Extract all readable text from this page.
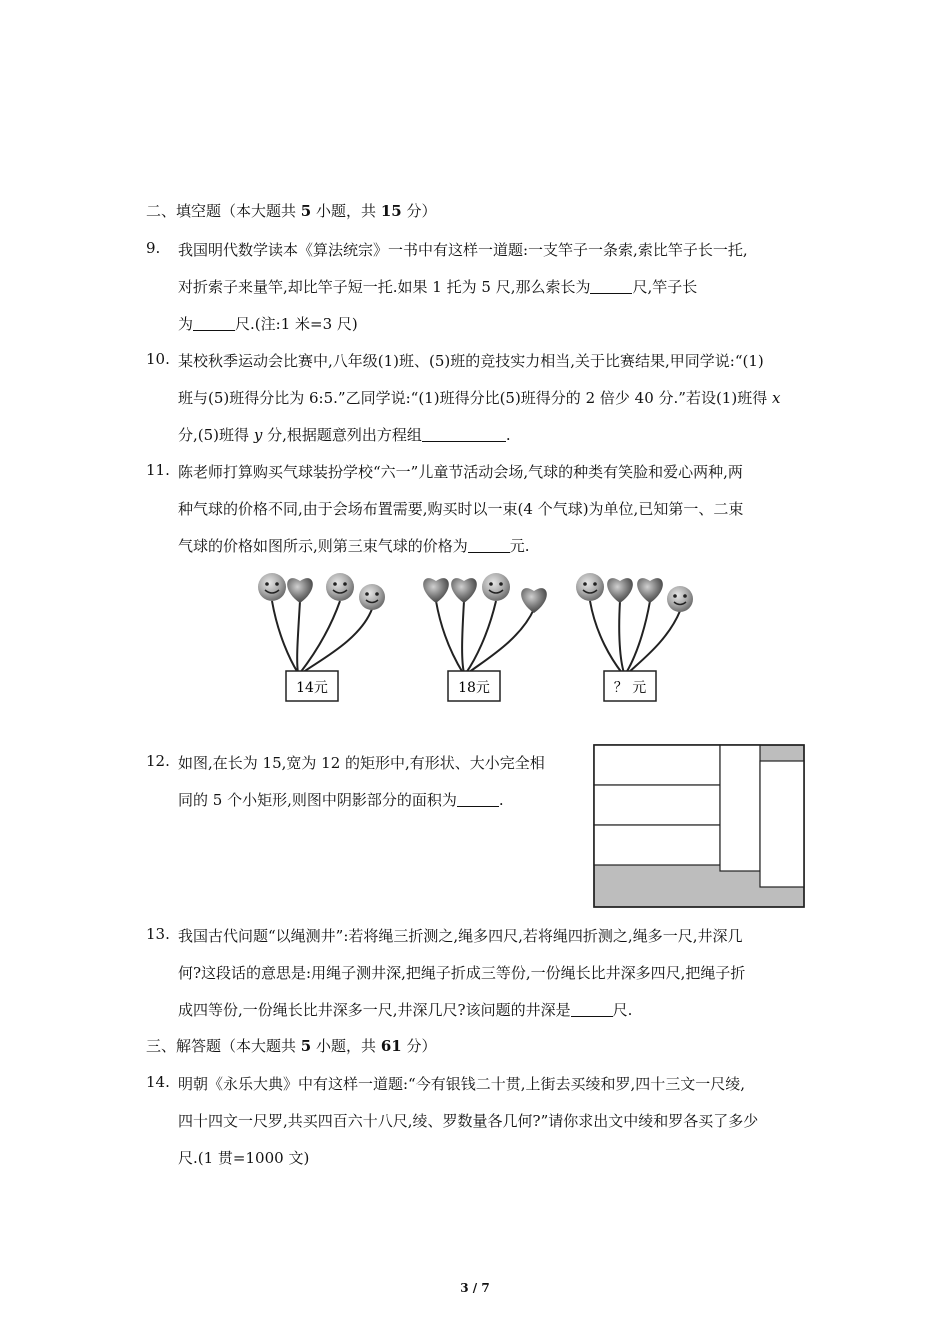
二、填空题（本大题共 5 小题，共 15 分）
9. 我国明代数学读本《算法统宗》一书中有这样一道题:一支竿子一条索,索比竿子长一托,
对折索子来量竿,却比竿子短一托.如果 1 托为 5 尺,那么索长为	尺,竿子长
为	尺.(注:1 米=3 尺)
10. 某校秋季运动会比赛中,八年级(1)班、(5)班的竞技实力相当,关于比赛结果,甲同学说:“(1)
班与(5)班得分比为 6:5.”乙同学说:“(1)班得分比(5)班得分的 2 倍少 40 分.”若设(1)班得 x
分,(5)班得 y 分,根据题意列出方程组	.
11. 陈老师打算购买气球装扮学校“六一”儿童节活动会场,气球的种类有笑脸和爱心两种,两
种气球的价格不同,由于会场布置需要,购买时以一束(4 个气球)为单位,已知第一、二束
气球的价格如图所示,则第三束气球的价格为	元.
14元	18元	？ 元
12. 如图,在长为 15,宽为 12 的矩形中,有形状、大小完全相
同的 5 个小矩形,则图中阴影部分的面积为	.
13. 我国古代问题“以绳测井”:若将绳三折测之,绳多四尺,若将绳四折测之,绳多一尺,井深几
何?这段话的意思是:用绳子测井深,把绳子折成三等份,一份绳长比井深多四尺,把绳子折
成四等份,一份绳长比井深多一尺,井深几尺?该问题的井深是	尺.
三、解答题（本大题共 5 小题，共 61 分）
14. 明朝《永乐大典》中有这样一道题:“今有银钱二十贯,上街去买绫和罗,四十三文一尺绫,
四十四文一尺罗,共买四百六十八尺,绫、罗数量各几何?”请你求出文中绫和罗各买了多少
尺.(1 贯=1000 文)
3 / 7
